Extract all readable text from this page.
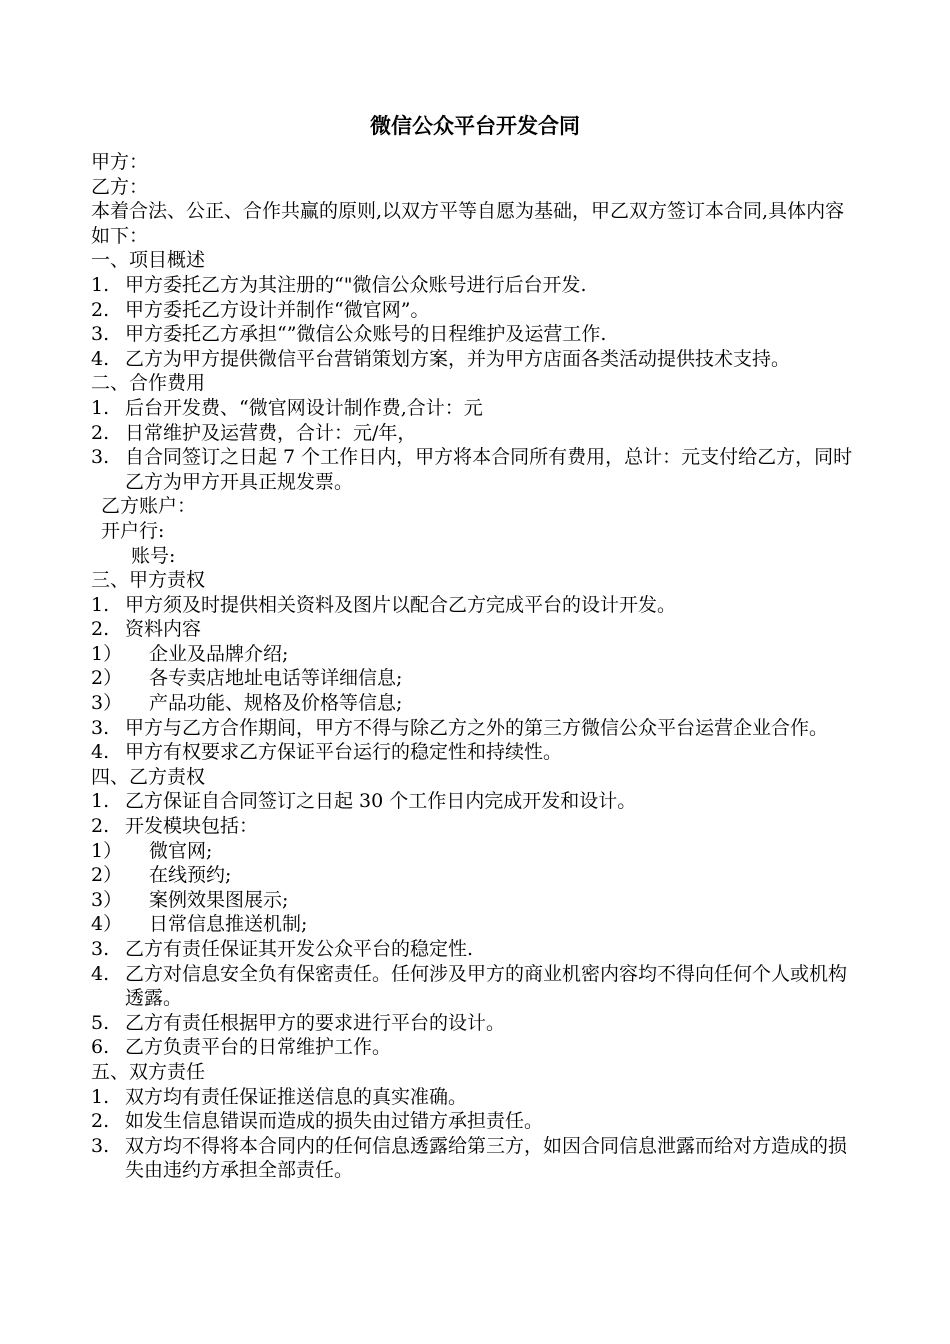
微信公众平台开发合同
甲方：
乙方：
本着合法、公正、合作共赢的原则,以双方平等自愿为基础，甲乙双方签订本合同,具体内容如下：
一、项目概述
1. 甲方委托乙方为其注册的“"微信公众账号进行后台开发.
2. 甲方委托乙方设计并制作“微官网”。
3. 甲方委托乙方承担“”微信公众账号的日程维护及运营工作.
4. 乙方为甲方提供微信平台营销策划方案，并为甲方店面各类活动提供技术支持。
二、合作费用
1. 后台开发费、“微官网设计制作费,合计：元
2. 日常维护及运营费，合计：元/年，
3. 自合同签订之日起 7 个工作日内，甲方将本合同所有费用，总计：元支付给乙方，同时乙方为甲方开具正规发票。
乙方账户：
开户行:
账号:
三、甲方责权
1. 甲方须及时提供相关资料及图片以配合乙方完成平台的设计开发。
2. 资料内容
1） 企业及品牌介绍;
2） 各专卖店地址电话等详细信息;
3） 产品功能、规格及价格等信息;
3. 甲方与乙方合作期间，甲方不得与除乙方之外的第三方微信公众平台运营企业合作。
4. 甲方有权要求乙方保证平台运行的稳定性和持续性。
四、乙方责权
1. 乙方保证自合同签订之日起 30 个工作日内完成开发和设计。
2. 开发模块包括：
1） 微官网;
2） 在线预约;
3） 案例效果图展示;
4） 日常信息推送机制;
3. 乙方有责任保证其开发公众平台的稳定性.
4. 乙方对信息安全负有保密责任。任何涉及甲方的商业机密内容均不得向任何个人或机构透露。
5. 乙方有责任根据甲方的要求进行平台的设计。
6. 乙方负责平台的日常维护工作。
五、双方责任
1. 双方均有责任保证推送信息的真实准确。
2. 如发生信息错误而造成的损失由过错方承担责任。
3. 双方均不得将本合同内的任何信息透露给第三方，如因合同信息泄露而给对方造成的损失由违约方承担全部责任。
